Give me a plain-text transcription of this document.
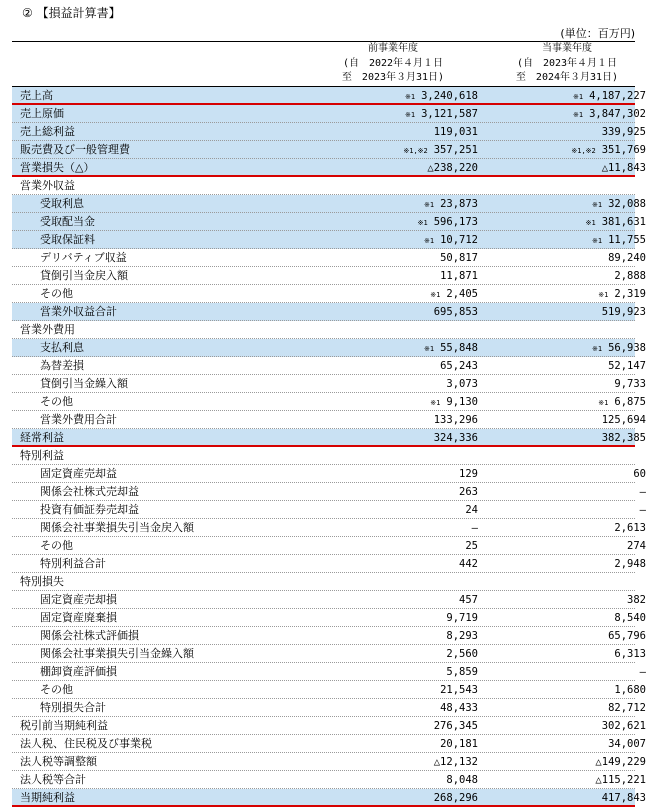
② 【損益計算書】
(単位：百万円)
前事業年度
(自　2022年４月１日
至　2023年３月31日)
当事業年度
(自　2023年４月１日
至　2024年３月31日)
売上高	※1 3,240,618	※1 4,187,227
売上原価	※1 3,121,587	※1 3,847,302
売上総利益	119,031	339,925
販売費及び一般管理費	※1,※2 357,251	※1,※2 351,769
営業損失（△）	△238,220	△11,843
営業外収益
受取利息	※1 23,873	※1 32,088
受取配当金	※1 596,173	※1 381,631
受取保証料	※1 10,712	※1 11,755
デリバティブ収益	50,817	89,240
貸倒引当金戻入額	11,871	2,888
その他	※1 2,405	※1 2,319
営業外収益合計	695,853	519,923
営業外費用
支払利息	※1 55,848	※1 56,938
為替差損	65,243	52,147
貸倒引当金繰入額	3,073	9,733
その他	※1 9,130	※1 6,875
営業外費用合計	133,296	125,694
経常利益	324,336	382,385
特別利益
固定資産売却益	129	60
関係会社株式売却益	263	―
投資有価証券売却益	24	―
関係会社事業損失引当金戻入額	―	2,613
その他	25	274
特別利益合計	442	2,948
特別損失
固定資産売却損	457	382
固定資産廃棄損	9,719	8,540
関係会社株式評価損	8,293	65,796
関係会社事業損失引当金繰入額	2,560	6,313
棚卸資産評価損	5,859	―
その他	21,543	1,680
特別損失合計	48,433	82,712
税引前当期純利益	276,345	302,621
法人税、住民税及び事業税	20,181	34,007
法人税等調整額	△12,132	△149,229
法人税等合計	8,048	△115,221
当期純利益	268,296	417,843
